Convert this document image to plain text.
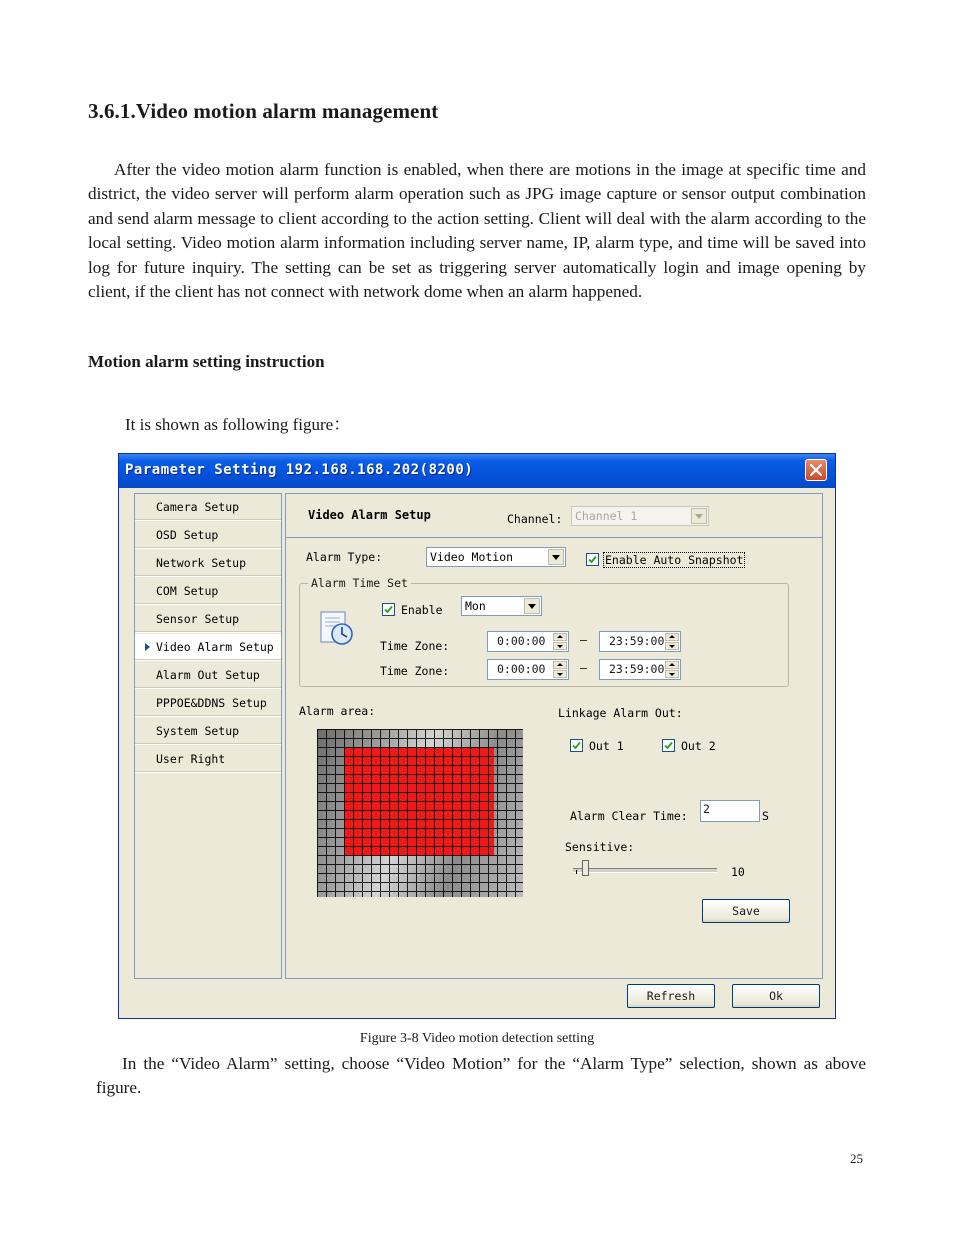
3.6.1.Video motion alarm management

After the video motion alarm function is enabled, when there are motions in the image at specific time and district, the video server will perform alarm operation such as JPG image capture or sensor output combination and send alarm message to client according to the action setting. Client will deal with the alarm according to the local setting. Video motion alarm information including server name, IP, alarm type, and time will be saved into log for future inquiry. The setting can be set as triggering server automatically login and image opening by client, if the client has not connect with network dome when an alarm happened.

Motion alarm setting instruction
It is shown as following figure：
Parameter Setting 192.168.168.202(8200)
Camera Setup
OSD Setup
Network Setup
COM Setup
Sensor Setup
Video Alarm Setup
Alarm Out Setup
PPPOE&DDNS Setup
System Setup
User Right
Video Alarm Setup	Channel:	Channel 1
Alarm Type:	Video Motion	Enable Auto Snapshot
Alarm Time Set
Enable	Mon
Time Zone:	0:00:00	–	23:59:00
Time Zone:	0:00:00	–	23:59:00
Alarm area:	Linkage Alarm Out:
Out 1	Out 2
Alarm Clear Time: 2	S
Sensitive:
10
Save
Refresh	Ok
Figure 3-8 Video motion detection setting

In the “Video Alarm” setting, choose “Video Motion” for the “Alarm Type” selection, shown as above figure.

25
